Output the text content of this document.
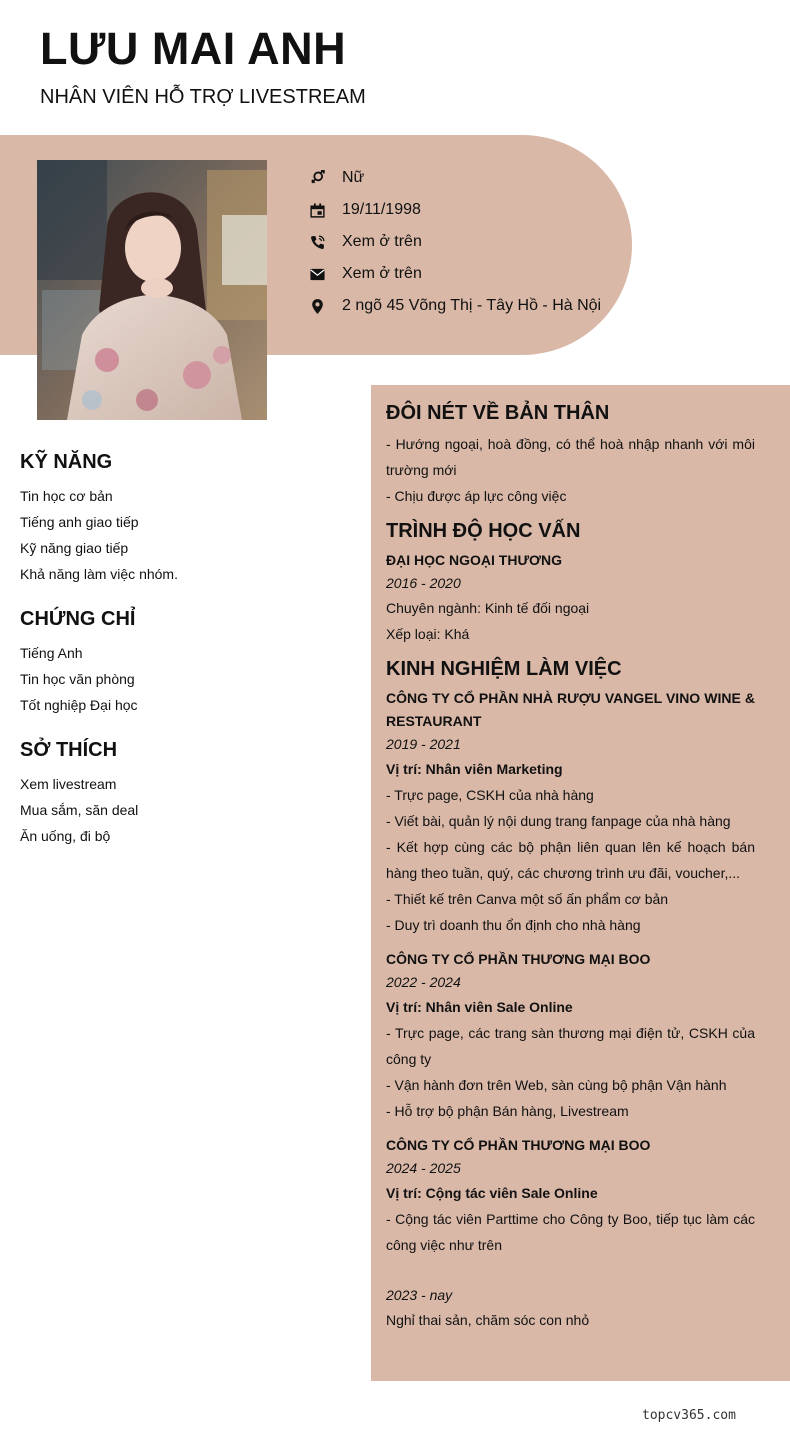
LƯU MAI ANH
NHÂN VIÊN HỖ TRỢ LIVESTREAM
Nữ
19/11/1998
Xem ở trên
Xem ở trên
2 ngõ 45 Võng Thị - Tây Hồ - Hà Nội
KỸ NĂNG
Tin học cơ bản
Tiếng anh giao tiếp
Kỹ năng giao tiếp
Khả năng làm việc nhóm.
CHỨNG CHỈ
Tiếng Anh
Tin học văn phòng
Tốt nghiệp Đại học
SỞ THÍCH
Xem livestream
Mua sắm, săn deal
Ăn uống, đi bộ
ĐÔI NÉT VỀ BẢN THÂN
- Hướng ngoại, hoà đồng, có thể hoà nhập nhanh với môi trường mới
- Chịu được áp lực công việc
TRÌNH ĐỘ HỌC VẤN
ĐẠI HỌC NGOẠI THƯƠNG
2016 - 2020
Chuyên ngành: Kinh tế đối ngoại
Xếp loại: Khá
KINH NGHIỆM LÀM VIỆC
CÔNG TY CỔ PHẦN NHÀ RƯỢU VANGEL VINO WINE & RESTAURANT
2019 - 2021
Vị trí: Nhân viên Marketing
- Trực page, CSKH của nhà hàng
- Viết bài, quản lý nội dung trang fanpage của nhà hàng
- Kết hợp cùng các bộ phận liên quan lên kế hoạch bán hàng theo tuần, quý, các chương trình ưu đãi, voucher,...
- Thiết kế trên Canva một số ấn phẩm cơ bản
- Duy trì doanh thu ổn định cho nhà hàng
CÔNG TY CỔ PHẦN THƯƠNG MẠI BOO
2022 - 2024
Vị trí: Nhân viên Sale Online
- Trực page, các trang sàn thương mại điện tử, CSKH của công ty
- Vận hành đơn trên Web, sàn cùng bộ phận Vận hành
- Hỗ trợ bộ phận Bán hàng, Livestream
CÔNG TY CỔ PHẦN THƯƠNG MẠI BOO
2024 - 2025
Vị trí: Cộng tác viên Sale Online
- Cộng tác viên Parttime cho Công ty Boo, tiếp tục làm các công việc như trên
2023 - nay
Nghỉ thai sản, chăm sóc con nhỏ
topcv365.com
